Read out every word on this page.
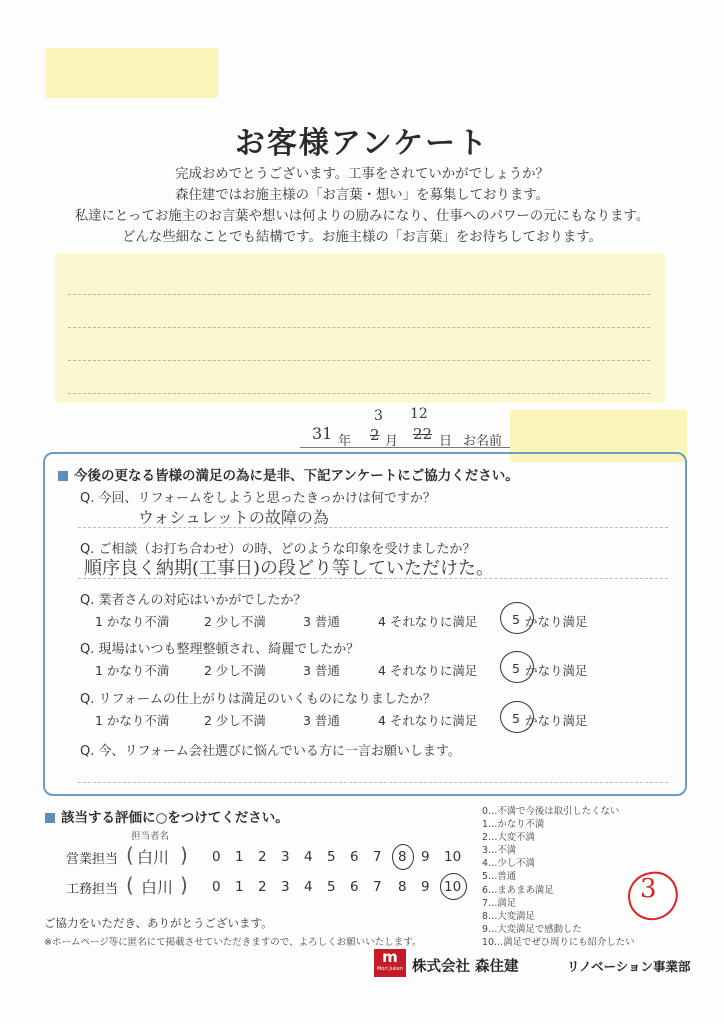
お客様アンケート
完成おめでとうございます。工事をされていかがでしょうか？
森住建ではお施主様の「お言葉・想い」を募集しております。
私達にとってお施主のお言葉や想いは何よりの励みになり、仕事へのパワーの元にもなります。
どんな些細なことでも結構です。お施主様の「お言葉」をお待ちしております。
31 年 2
3
月 22
12
日 お名前
今後の更なる皆様の満足の為に是非、下記アンケートにご協力ください。
Q. 今回、リフォームをしようと思ったきっかけは何ですか？
ウォシュレットの故障の為
Q. ご相談（お打ち合わせ）の時、どのような印象を受けましたか？
順序良く納期(工事日)の段どり等していただけた。
Q. 業者さんの対応はいかがでしたか？
1 かなり不満	2 少し不満	3 普通	4 それなりに満足	5 かなり満足
Q. 現場はいつも整理整頓され、綺麗でしたか？
1 かなり不満	2 少し不満	3 普通	4 それなりに満足	5 かなり満足
Q. リフォームの仕上がりは満足のいくものになりましたか？
1 かなり不満	2 少し不満	3 普通	4 それなりに満足	5 かなり満足
Q. 今、リフォーム会社選びに悩んでいる方に一言お願いします。
該当する評価に○をつけてください。
担当者名
営業担当 ( 白川 ) 0 1 2 3 4 5 6 7 8 9 10
工務担当 ( 白川 ) 0 1 2 3 4 5 6 7 8 9 10
0…不満で今後は取引したくない
1…かなり不満
2…大変不満
3…不満
4…少し不満
5…普通
6…まあまあ満足
7…満足
8…大変満足
9…大変満足で感動した
10…満足でぜひ周りにも紹介したい
3
ご協力をいただき、ありがとうございます。
※ホームページ等に匿名にて掲載させていただきますので、よろしくお願いいたします。
m
Mori Juken 株式会社 森住建	リノベーション事業部
